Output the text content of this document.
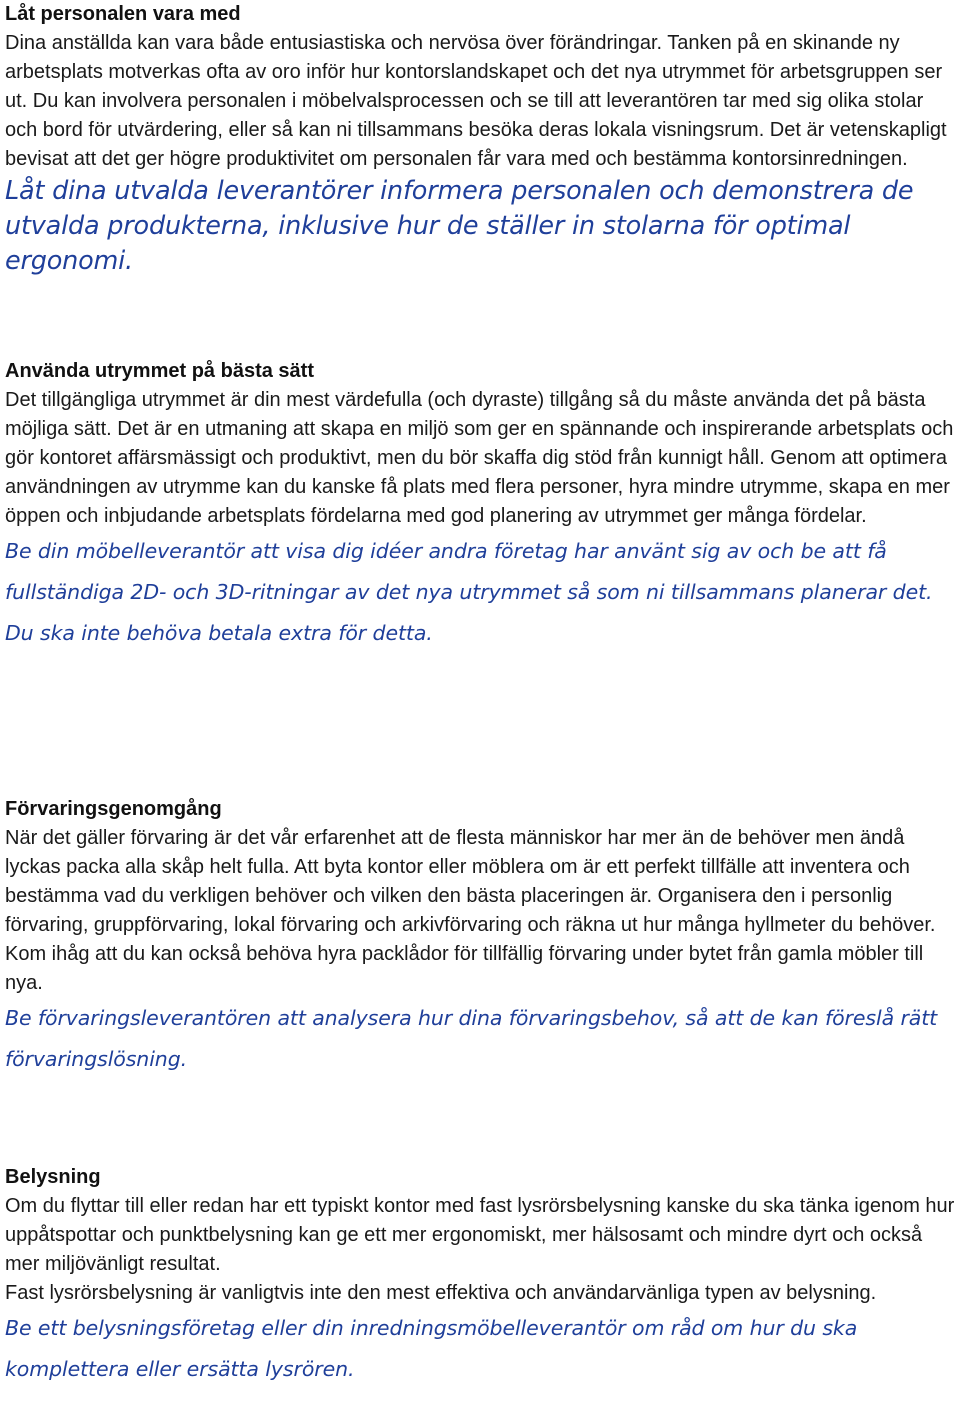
Låt personalen vara med

Dina anställda kan vara både entusiastiska och nervösa över förändringar. Tanken på en skinande ny arbetsplats motverkas ofta av oro inför hur kontorslandskapet och det nya utrymmet för arbetsgruppen ser ut. Du kan involvera personalen i möbelvalsprocessen och se till att leverantören tar med sig olika stolar och bord för utvärdering, eller så kan ni tillsammans besöka deras lokala visningsrum. Det är vetenskapligt bevisat att det ger högre produktivitet om personalen får vara med och bestämma kontorsinredningen.

Låt dina utvalda leverantörer informera personalen och demonstrera de utvalda produkterna, inklusive hur de ställer in stolarna för optimal ergonomi.

Använda utrymmet på bästa sätt

Det tillgängliga utrymmet är din mest värdefulla (och dyraste) tillgång så du måste använda det på bästa möjliga sätt. Det är en utmaning att skapa en miljö som ger en spännande och inspirerande arbetsplats och gör kontoret affärsmässigt och produktivt, men du bör skaffa dig stöd från kunnigt håll. Genom att optimera användningen av utrymme kan du kanske få plats med flera personer, hyra mindre utrymme, skapa en mer öppen och inbjudande arbetsplats fördelarna med god planering av utrymmet ger många fördelar.

Be din möbelleverantör att visa dig idéer andra företag har använt sig av och be att få fullständiga 2D- och 3D-ritningar av det nya utrymmet så som ni tillsammans planerar det. Du ska inte behöva betala extra för detta.

Förvaringsgenomgång

När det gäller förvaring är det vår erfarenhet att de flesta människor har mer än de behöver men ändå lyckas packa alla skåp helt fulla. Att byta kontor eller möblera om är ett perfekt tillfälle att inventera och bestämma vad du verkligen behöver och vilken den bästa placeringen är. Organisera den i personlig förvaring, gruppförvaring, lokal förvaring och arkivförvaring och räkna ut hur många hyllmeter du behöver. Kom ihåg att du kan också behöva hyra packlådor för tillfällig förvaring under bytet från gamla möbler till nya.

Be förvaringsleverantören att analysera hur dina förvaringsbehov, så att de kan föreslå rätt förvaringslösning.

Belysning

Om du flyttar till eller redan har ett typiskt kontor med fast lysrörsbelysning kanske du ska tänka igenom hur uppåtspottar och punktbelysning kan ge ett mer ergonomiskt, mer hälsosamt och mindre dyrt och också mer miljövänligt resultat.

Fast lysrörsbelysning är vanligtvis inte den mest effektiva och användarvänliga typen av belysning.

Be ett belysningsföretag eller din inredningsmöbelleverantör om råd om hur du ska komplettera eller ersätta lysrören.
